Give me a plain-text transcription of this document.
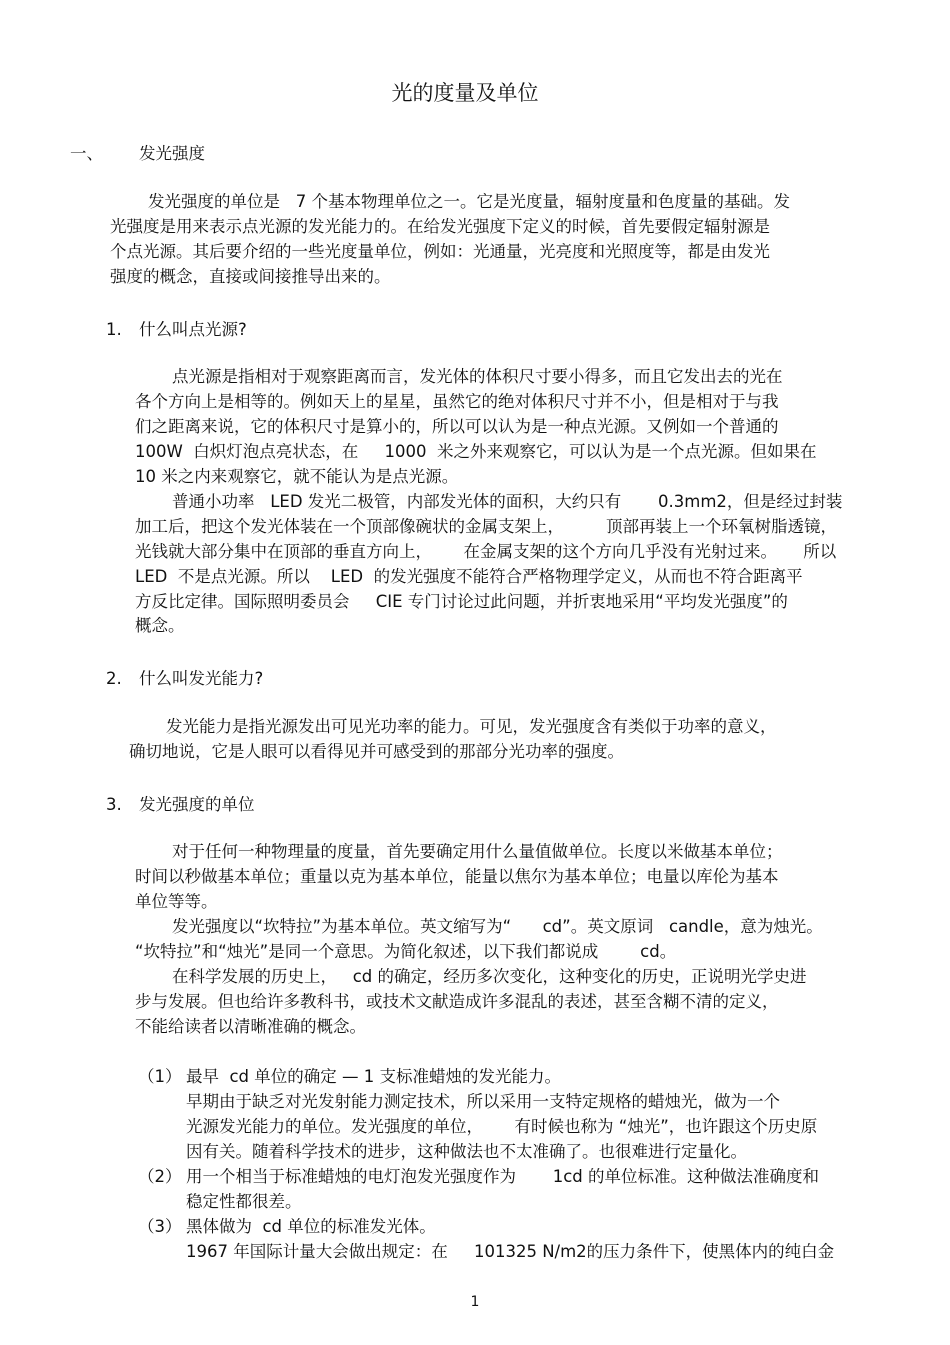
光的度量及单位
一、 发光强度
发光强度的单位是   7 个基本物理单位之一。它是光度量，辐射度量和色度量的基础。发
光强度是用来表示点光源的发光能力的。在给发光强度下定义的时候，首先要假定辐射源是
个点光源。其后要介绍的一些光度量单位，例如：光通量，光亮度和光照度等，都是由发光
强度的概念，直接或间接推导出来的。
1. 什么叫点光源?
点光源是指相对于观察距离而言，发光体的体积尺寸要小得多，而且它发出去的光在
各个方向上是相等的。例如天上的星星，虽然它的绝对体积尺寸并不小，但是相对于与我
们之距离来说，它的体积尺寸是算小的，所以可以认为是一种点光源。又例如一个普通的
100W  白炽灯泡点亮状态，在     1000  米之外来观察它，可以认为是一个点光源。但如果在
10 米之内来观察它，就不能认为是点光源。
普通小功率   LED 发光二极管，内部发光体的面积，大约只有       0.3mm2，但是经过封装
加工后，把这个发光体装在一个顶部像碗状的金属支架上，        顶部再装上一个环氧树脂透镜，
光钱就大部分集中在顶部的垂直方向上，      在金属支架的这个方向几乎没有光射过来。     所以
LED  不是点光源。所以    LED  的发光强度不能符合严格物理学定义，从而也不符合距离平
方反比定律。国际照明委员会     CIE 专门讨论过此问题，并折衷地采用“平均发光强度”的
概念。
2. 什么叫发光能力?
发光能力是指光源发出可见光功率的能力。可见，发光强度含有类似于功率的意义，
确切地说，它是人眼可以看得见并可感受到的那部分光功率的强度。
3. 发光强度的单位
对于任何一种物理量的度量，首先要确定用什么量值做单位。长度以米做基本单位；
时间以秒做基本单位；重量以克为基本单位，能量以焦尔为基本单位；电量以库伦为基本
单位等等。
发光强度以“坎特拉”为基本单位。英文缩写为“      cd”。英文原词   candle，意为烛光。
“坎特拉”和“烛光”是同一个意思。为简化叙述，以下我们都说成        cd。
在科学发展的历史上，   cd 的确定，经历多次变化，这种变化的历史，正说明光学史进
步与发展。但也给许多教科书，或技术文献造成许多混乱的表述，甚至含糊不清的定义，
不能给读者以清晰准确的概念。
（1） 最早  cd 单位的确定 — 1 支标准蜡烛的发光能力。
早期由于缺乏对光发射能力测定技术，所以采用一支特定规格的蜡烛光，做为一个
光源发光能力的单位。发光强度的单位，      有时候也称为 “烛光”，也许跟这个历史原
因有关。随着科学技术的进步，这种做法也不太准确了。也很难进行定量化。
（2） 用一个相当于标准蜡烛的电灯泡发光强度作为       1cd 的单位标准。这种做法准确度和
稳定性都很差。
（3） 黑体做为  cd 单位的标准发光体。
1967 年国际计量大会做出规定：在     101325 N/m2的压力条件下，使黑体内的纯白金
1
